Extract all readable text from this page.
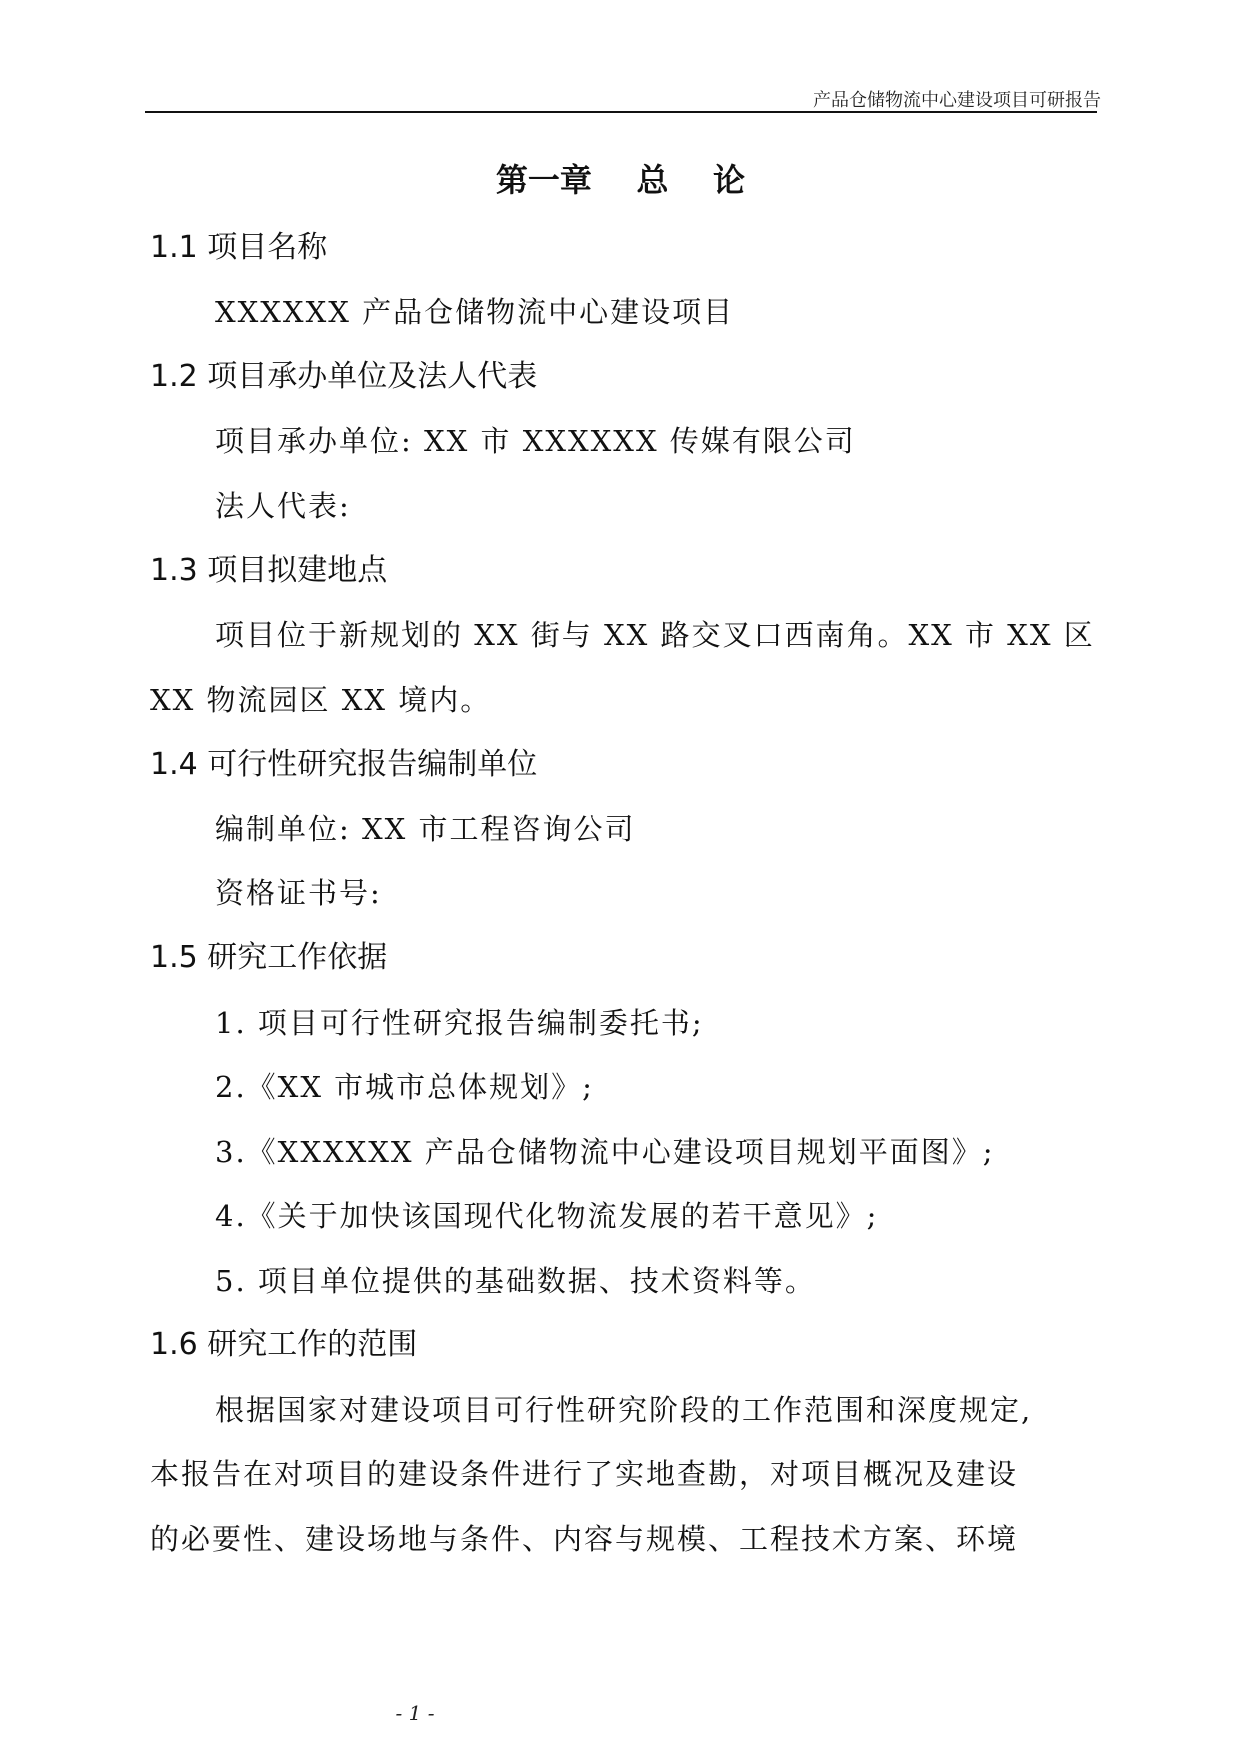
产品仓储物流中心建设项目可研报告
第一章    总    论
1.1 项目名称
XXXXXX 产品仓储物流中心建设项目
1.2 项目承办单位及法人代表
项目承办单位: XX 市 XXXXXX 传媒有限公司
法人代表:
1.3 项目拟建地点
项目位于新规划的 XX 街与 XX 路交叉口西南角。XX 市 XX 区
XX 物流园区 XX 境内。
1.4 可行性研究报告编制单位
编制单位: XX 市工程咨询公司
资格证书号:
1.5 研究工作依据
1. 项目可行性研究报告编制委托书;
2.《XX 市城市总体规划》;
3.《XXXXXX 产品仓储物流中心建设项目规划平面图》;
4.《关于加快该国现代化物流发展的若干意见》;
5. 项目单位提供的基础数据、技术资料等。
1.6 研究工作的范围
根据国家对建设项目可行性研究阶段的工作范围和深度规定,
本报告在对项目的建设条件进行了实地查勘，对项目概况及建设
的必要性、建设场地与条件、内容与规模、工程技术方案、环境
- 1 -
